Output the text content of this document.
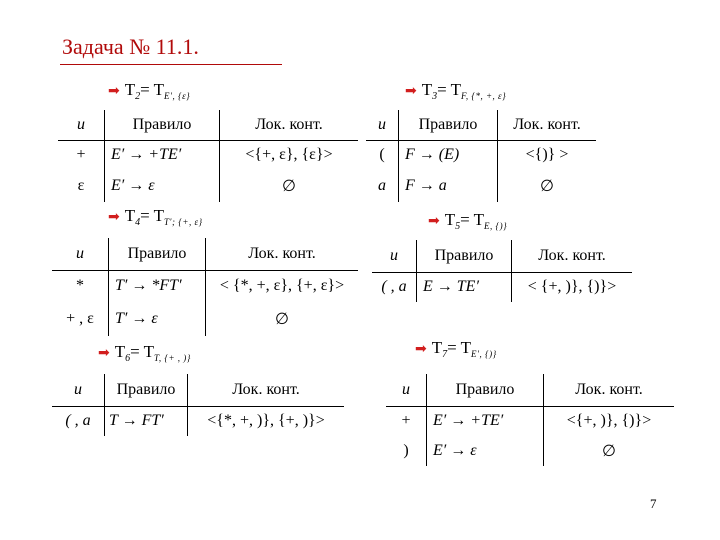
Задача № 11.1.
➡ T 2 = T E′, {ε}	➡ T 3 = T F, {*, +, ε}
u	Правило	Лок. конт.
+	E′ → +TE′	<{+, ε}, {ε}>
ε	E′ → ε	∅
u	Правило	Лок. конт.
(	F → (E)	<{)} >
a	F → a	∅
➡ T 4 = T T′; {+, ε}	➡ T 5 = T E, {)}
u	Правило	Лок. конт.
*	T′ → *FT′	< {*, +, ε}, {+, ε}>
+ , ε	T′ → ε	∅
u	Правило	Лок. конт.
( , a	E → TE′	< {+, )}, {)}>
➡ T 6 = T T, {+ , )}
➡ T 7 = T E′, {)}
u	Правило	Лок. конт.
( , a	T → FT′	<{*, +, )}, {+, )}>
u	Правило	Лок. конт.
+	E′ → +TE′	<{+, )}, {)}>
)	E′ → ε	∅
7
